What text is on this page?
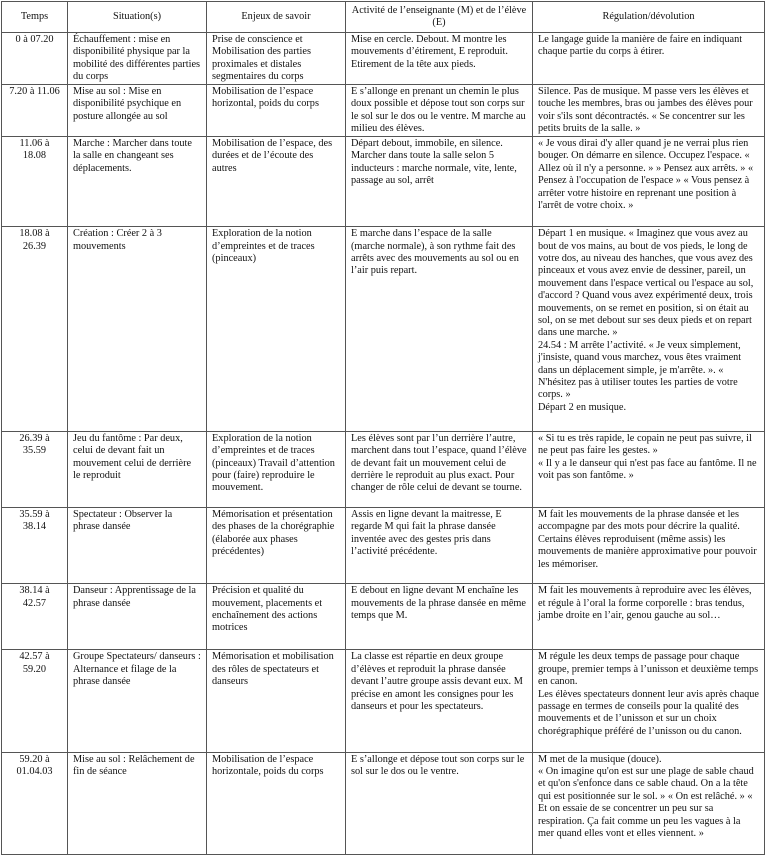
Temps	Situation(s)	Enjeux de savoir	Activité de l’enseignante (M) et de l’élève (E)	Régulation/dévolution
0 à 07.20	Échauffement : mise en disponibilité physique par la mobilité des différentes parties du corps	Prise de conscience et Mobilisation des parties proximales et distales segmentaires du corps	Mise en cercle. Debout. M montre les mouvements d’étirement, E reproduit. Etirement de la tête aux pieds.	Le langage guide la manière de faire en indiquant chaque partie du corps à étirer.

7.20 à 11.06	Mise au sol : Mise en disponibilité psychique en posture allongée au sol	Mobilisation de l’espace horizontal, poids du corps	E s’allonge en prenant un chemin le plus doux possible et dépose tout son corps sur le sol sur le dos ou le ventre. M marche au milieu des élèves.	Silence. Pas de musique. M passe vers les élèves et touche les membres, bras ou jambes des élèves pour voir s'ils sont décontractés. « Se concentrer sur les petits bruits de la salle. »

11.06 à 18.08	Marche : Marcher dans toute la salle en changeant ses déplacements.	Mobilisation de l’espace, des durées et de l’écoute des autres	Départ debout, immobile, en silence. Marcher dans toute la salle selon 5 inducteurs : marche normale, vite, lente, passage au sol, arrêt	« Je vous dirai d'y aller quand je ne verrai plus rien bouger. On démarre en silence. Occupez l'espace. « Allez où il n'y a personne. » » Pensez aux arrêts. » « Pensez à l'occupation de l'espace » « Vous pensez à arrêter votre histoire en reprenant une position à l'arrêt de votre choix. »

18.08 à 26.39	Création : Créer 2 à 3 mouvements	Exploration de la notion d’empreintes et de traces (pinceaux)	E marche dans l’espace de la salle (marche normale), à son rythme fait des arrêts avec des mouvements au sol ou en l’air puis repart.	Départ 1 en musique. « Imaginez que vous avez au bout de vos mains, au bout de vos pieds, le long de votre dos, au niveau des hanches, que vous avez des pinceaux et vous avez envie de dessiner, pareil, un mouvement dans l'espace vertical ou l'espace au sol, d'accord ? Quand vous avez expérimenté deux, trois mouvements, on se remet en position, si on était au sol, on se met debout sur ses deux pieds et on repart dans une marche. »
24.54 : M arrête l’activité. « Je veux simplement, j'insiste, quand vous marchez, vous êtes vraiment dans un déplacement simple, je m'arrête. ». « N'hésitez pas à utiliser toutes les parties de votre corps. »
Départ 2 en musique.

26.39 à 35.59	Jeu du fantôme : Par deux, celui de devant fait un mouvement celui de derrière le reproduit	Exploration de la notion d’empreintes et de traces (pinceaux) Travail d’attention pour (faire) reproduire le mouvement.	Les élèves sont par l’un derrière l’autre, marchent dans tout l’espace, quand l’élève de devant fait un mouvement celui de derrière le reproduit au plus exact. Pour changer de rôle celui de devant se tourne.	« Si tu es très rapide, le copain ne peut pas suivre, il ne peut pas faire les gestes. »
« Il y a le danseur qui n'est pas face au fantôme. Il ne voit pas son fantôme. »

35.59 à 38.14	Spectateur : Observer la phrase dansée	Mémorisation et présentation des phases de la chorégraphie (élaborée aux phases précédentes)	Assis en ligne devant la maitresse, E regarde M qui fait la phrase dansée inventée avec des gestes pris dans l’activité précédente.	M fait les mouvements de la phrase dansée et les accompagne par des mots pour décrire la qualité.
Certains élèves reproduisent (même assis) les mouvements de manière approximative pour pouvoir les mémoriser.

38.14 à 42.57	Danseur : Apprentissage de la phrase dansée	Précision et qualité du mouvement, placements et enchaînement des actions motrices	E debout en ligne devant M enchaîne les mouvements de la phrase dansée en même temps que M.	M fait les mouvements à reproduire avec les élèves, et régule à l’oral la forme corporelle : bras tendus, jambe droite en l’air, genou gauche au sol…

42.57 à 59.20	Groupe Spectateurs/ danseurs : Alternance et filage de la phrase dansée	Mémorisation et mobilisation des rôles de spectateurs et danseurs	La classe est répartie en deux groupe d’élèves et reproduit la phrase dansée devant l’autre groupe assis devant eux. M précise en amont les consignes pour les danseurs et pour les spectateurs.	M régule les deux temps de passage pour chaque groupe, premier temps à l’unisson et deuxième temps en canon.
Les élèves spectateurs donnent leur avis après chaque passage en termes de conseils pour la qualité des mouvements et de l’unisson et sur un choix chorégraphique préféré de l’unisson ou du canon.

59.20 à 01.04.03	Mise au sol : Relâchement de fin de séance	Mobilisation de l’espace horizontale, poids du corps	E s’allonge et dépose tout son corps sur le sol sur le dos ou le ventre.	M met de la musique (douce).
« On imagine qu'on est sur une plage de sable chaud et qu'on s'enfonce dans ce sable chaud. On a la tête qui est positionnée sur le sol. » « On est relâché. » « Et on essaie de se concentrer un peu sur sa respiration. Ça fait comme un peu les vagues à la mer quand elles vont et elles viennent. »
